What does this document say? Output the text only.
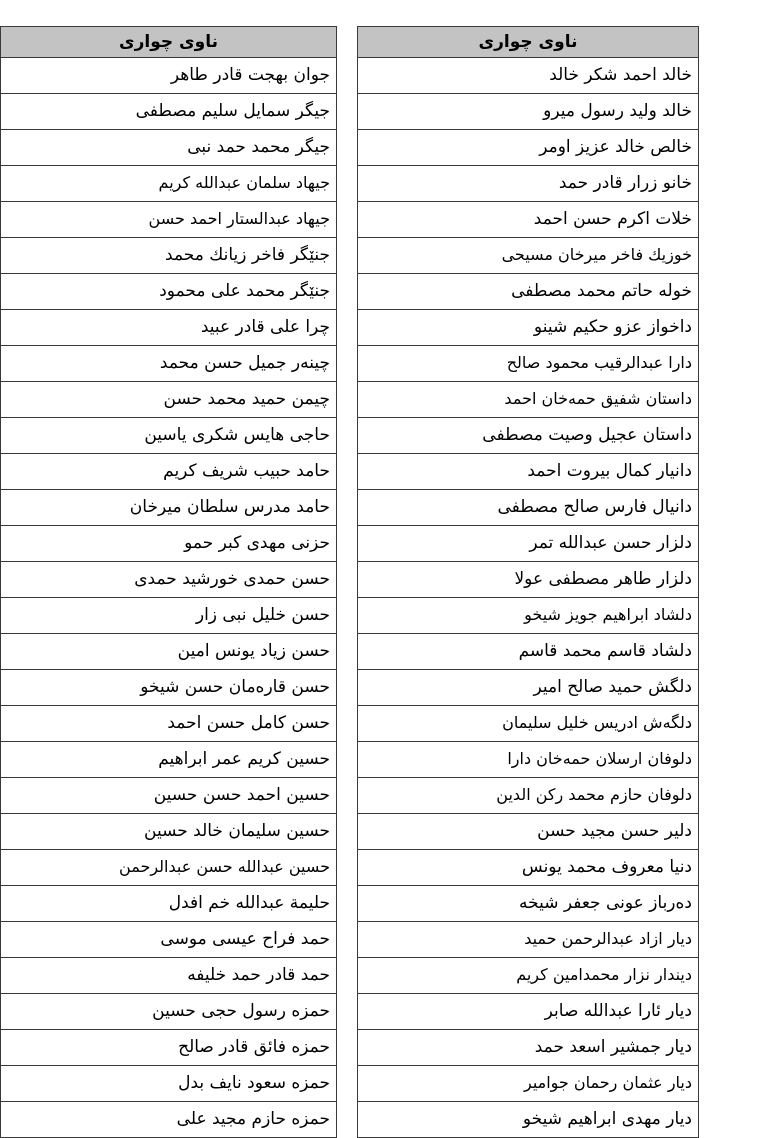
ناوی چواری
جوان بهجت قادر طاهر
جیگر سمایل سلیم مصطفی
جیگر محمد حمد نبی
جیهاد سلمان عبدالله كریم
جیهاد عبدالستار احمد حسن
جنێگر فاخر زیانك محمد
جنێگر محمد علی محمود
چرا علی قادر عبید
چینەر جمیل حسن محمد
چیمن حمید محمد حسن
حاجی هایس شكری یاسین
حامد حبیب شریف كریم
حامد مدرس سلطان میرخان
حزنی مهدی كبر حمو
حسن حمدی خورشید حمدی
حسن خلیل نبی زار
حسن زیاد یونس امین
حسن قارەمان حسن شیخو
حسن كامل حسن احمد
حسین كریم عمر ابراهیم
حسین احمد حسن حسین
حسین سلیمان خالد حسین
حسین عبدالله حسن عبدالرحمن
حلیمة عبدالله خم افدل
حمد فراح عیسی موسی
حمد قادر حمد خلیفه
حمزه رسول حجی حسین
حمزه فائق قادر صالح
حمزه سعود نایف بدل
حمزه حازم مجید علی
ناوی چواری
خالد احمد شكر خالد
خالد ولید رسول میرو
خالص خالد عزیز اومر
خانو زرار قادر حمد
خلات اكرم حسن احمد
خوزیك فاخر میرخان مسیحی
خوله حاتم محمد مصطفی
داخواز عزو حكیم شینو
دارا عبدالرقیب محمود صالح
داستان شفیق حمەخان احمد
داستان عجیل وصیت مصطفی
دانیار كمال بیروت احمد
دانیال فارس صالح مصطفی
دلزار حسن عبدالله تمر
دلزار طاهر مصطفی عولا
دلشاد ابراهیم جویز شیخو
دلشاد قاسم محمد قاسم
دلگش حمید صالح امیر
دلگەش ادریس خلیل سلیمان
دلوفان ارسلان حمەخان دارا
دلوفان حازم محمد ركن الدین
دلیر حسن مجید حسن
دنیا معروف محمد یونس
دەرباز عونی جعفر شیخه
دیار ازاد عبدالرحمن حمید
دیندار نزار محمدامین كریم
دیار ئارا عبدالله صابر
دیار جمشیر اسعد حمد
دیار عثمان رحمان جوامیر
دیار مهدی ابراهیم شیخو
